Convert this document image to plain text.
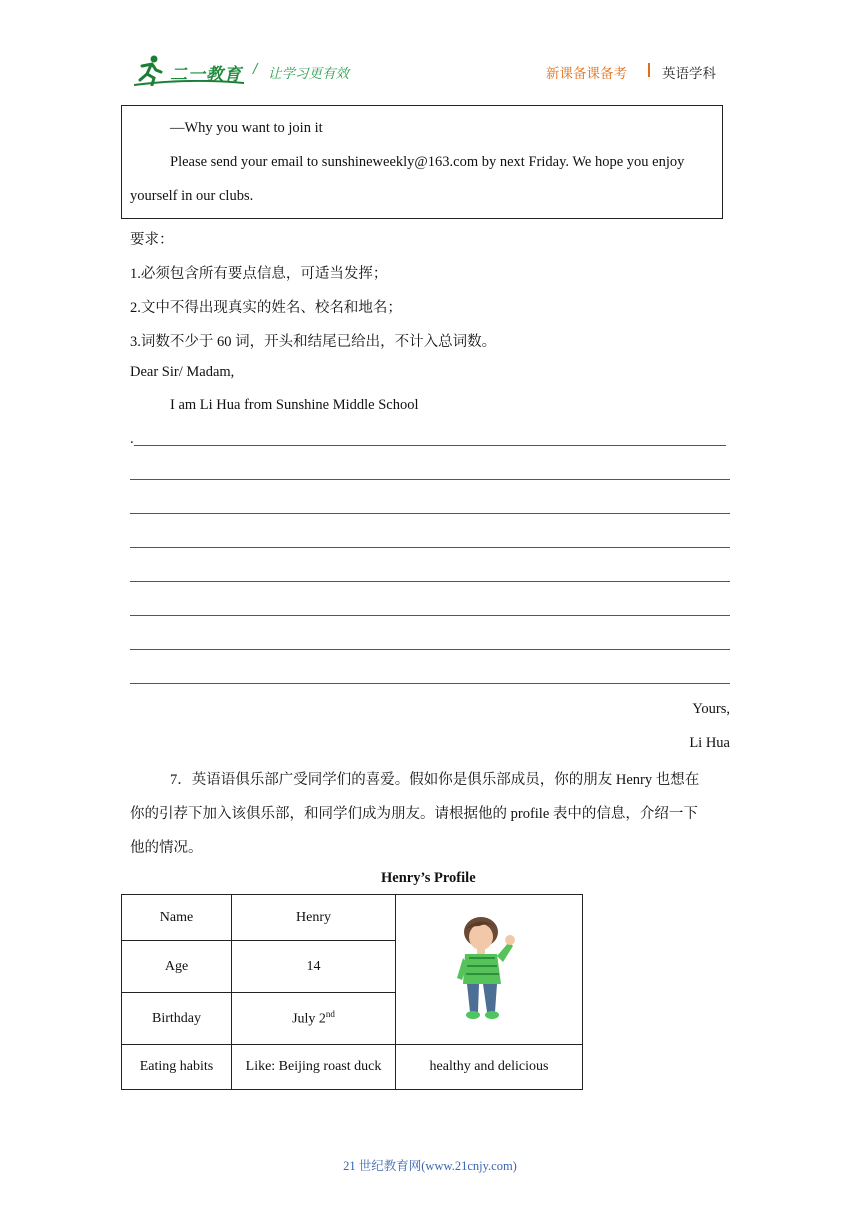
二一教育 / 让学习更有效	新课备课备考	英语学科
—Why you want to join it
Please send your email to sunshineweekly@163.com by next Friday. We hope you enjoy
yourself in our clubs.
要求：
1.必须包含所有要点信息，可适当发挥；
2.文中不得出现真实的姓名、校名和地名；
3.词数不少于 60 词，开头和结尾已给出，不计入总词数。
Dear Sir/ Madam,
I am Li Hua from Sunshine Middle School
.
Yours,
Li Hua
7．英语语俱乐部广受同学们的喜爱。假如你是俱乐部成员，你的朋友 Henry 也想在
你的引荐下加入该俱乐部，和同学们成为朋友。请根据他的 profile 表中的信息，介绍一下
他的情况。
Henry’s Profile
Name	Henry	
Age	14	
Birthday	July 2nd
Eating habits	Like: Beijing roast duck	healthy and delicious
21 世纪教育网(www.21cnjy.com)
